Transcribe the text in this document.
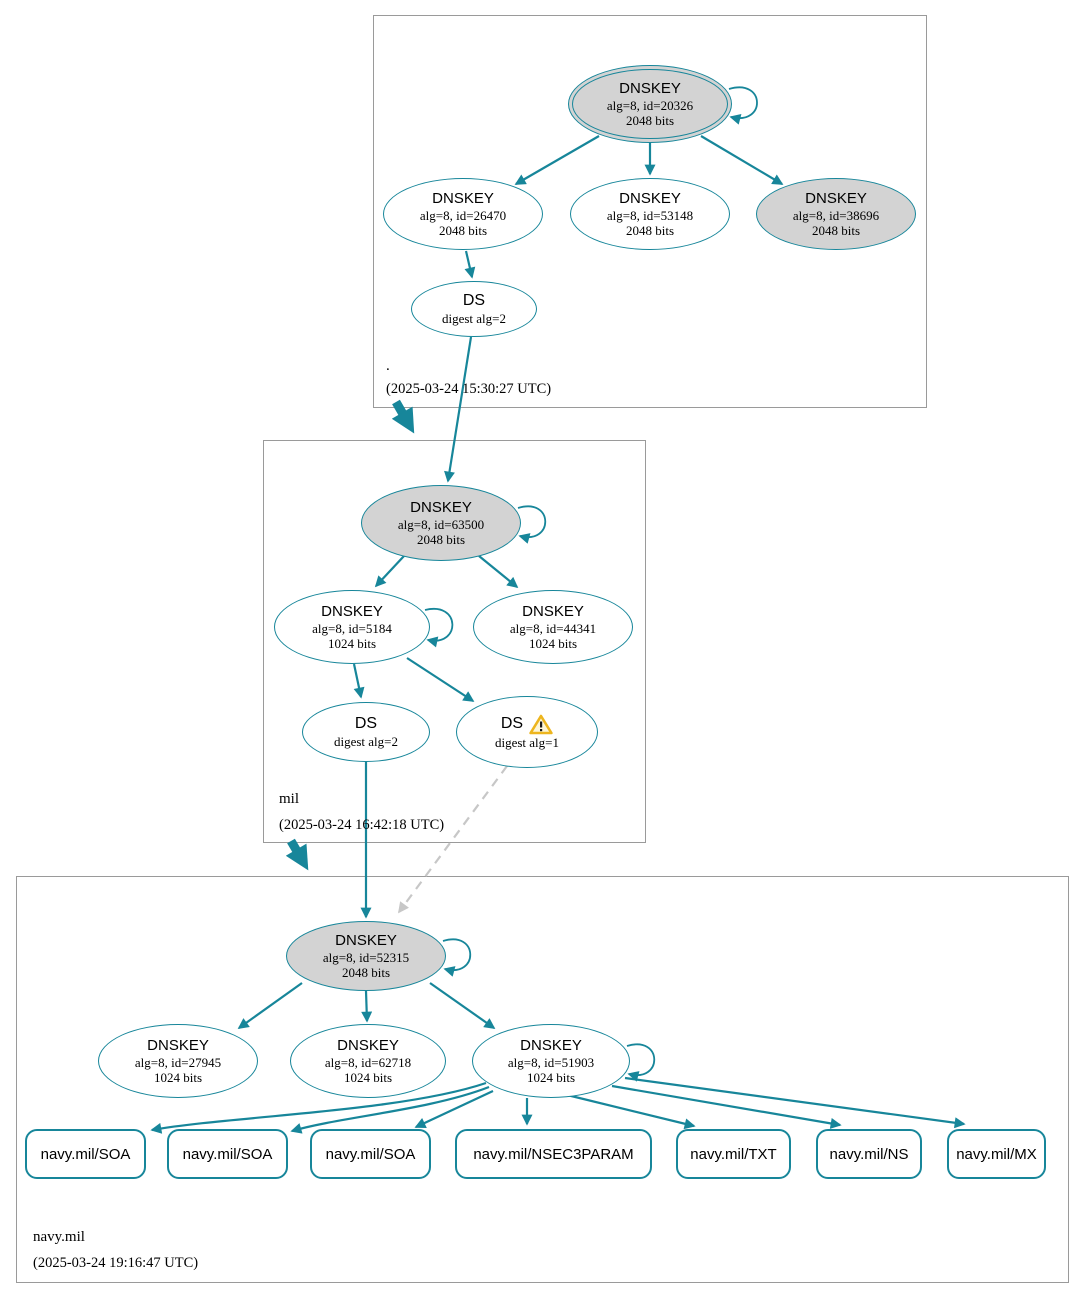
DNSKEY
alg=8, id=20326
2048 bits
DNSKEY
alg=8, id=26470
2048 bits
DNSKEY
alg=8, id=53148
2048 bits
DNSKEY
alg=8, id=38696
2048 bits
DS
digest alg=2
.
(2025-03-24 15:30:27 UTC)
DNSKEY
alg=8, id=63500
2048 bits
DNSKEY
alg=8, id=5184
1024 bits
DNSKEY
alg=8, id=44341
1024 bits
DS
digest alg=2
DS
digest alg=1
mil
(2025-03-24 16:42:18 UTC)
DNSKEY
alg=8, id=52315
2048 bits
DNSKEY
alg=8, id=27945
1024 bits
DNSKEY
alg=8, id=62718
1024 bits
DNSKEY
alg=8, id=51903
1024 bits
navy.mil/SOA	navy.mil/SOA	navy.mil/SOA	navy.mil/NSEC3PARAM	navy.mil/TXT	navy.mil/NS	navy.mil/MX
navy.mil
(2025-03-24 19:16:47 UTC)
